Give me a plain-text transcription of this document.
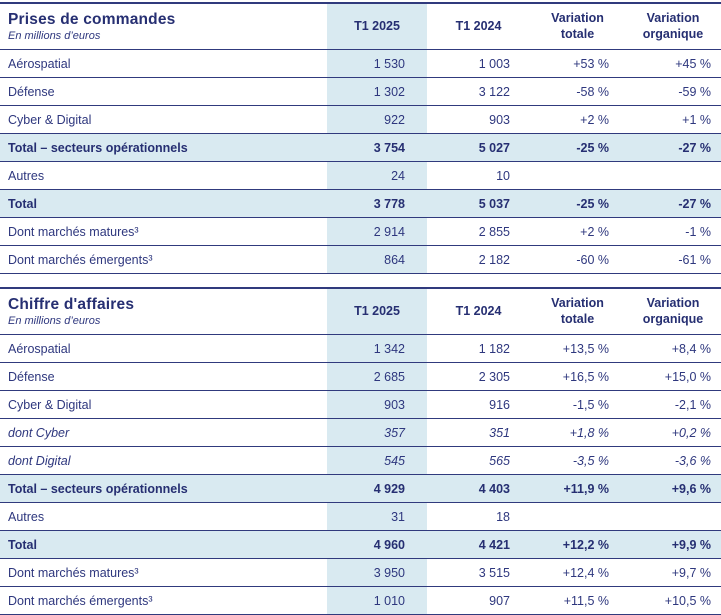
Prises de commandes
En millions d’euros	T1 2025	T1 2024	Variation totale	Variation organique
Aérospatial	1 530	1 003	+53 %	+45 %
Défense	1 302	3 122	-58 %	-59 %
Cyber & Digital	922	903	+2 %	+1 %
Total – secteurs opérationnels	3 754	5 027	-25 %	-27 %
Autres	24	10		
Total	3 778	5 037	-25 %	-27 %
Dont marchés matures³	2 914	2 855	+2 %	-1 %
Dont marchés émergents³	864	2 182	-60 %	-61 %
Chiffre d'affaires
En millions d’euros	T1 2025	T1 2024	Variation totale	Variation organique
Aérospatial	1 342	1 182	+13,5 %	+8,4 %
Défense	2 685	2 305	+16,5 %	+15,0 %
Cyber & Digital	903	916	-1,5 %	-2,1 %
dont Cyber	357	351	+1,8 %	+0,2 %
dont Digital	545	565	-3,5 %	-3,6 %
Total – secteurs opérationnels	4 929	4 403	+11,9 %	+9,6 %
Autres	31	18		
Total	4 960	4 421	+12,2 %	+9,9 %
Dont marchés matures³	3 950	3 515	+12,4 %	+9,7 %
Dont marchés émergents³	1 010	907	+11,5 %	+10,5 %
